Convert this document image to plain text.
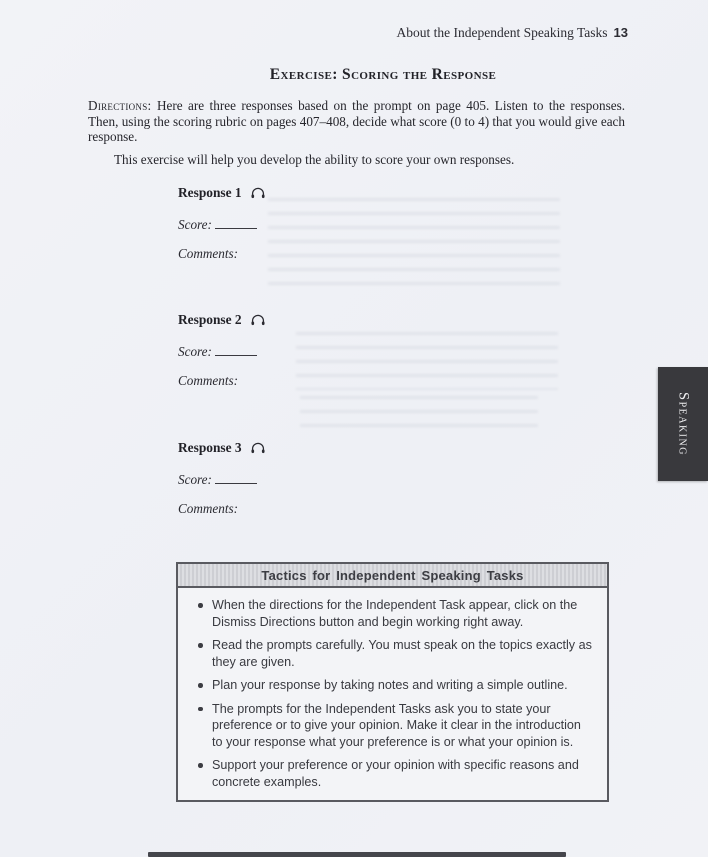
About the Independent Speaking Tasks 13
Exercise: Scoring the Response
Directions: Here are three responses based on the prompt on page 405. Listen to the responses. Then, using the scoring rubric on pages 407–408, decide what score (0 to 4) that you would give each response.
This exercise will help you develop the ability to score your own responses.
Response 1
Score:
Comments:
Response 2
Score:
Comments:
Response 3
Score:
Comments:
Speaking
Tactics for Independent Speaking Tasks
When the directions for the Independent Task appear, click on the Dismiss Directions button and begin working right away.
Read the prompts carefully. You must speak on the topics exactly as they are given.
Plan your response by taking notes and writing a simple outline.
The prompts for the Independent Tasks ask you to state your preference or to give your opinion. Make it clear in the introduction to your response what your preference is or what your opinion is.
Support your preference or your opinion with specific reasons and concrete examples.
